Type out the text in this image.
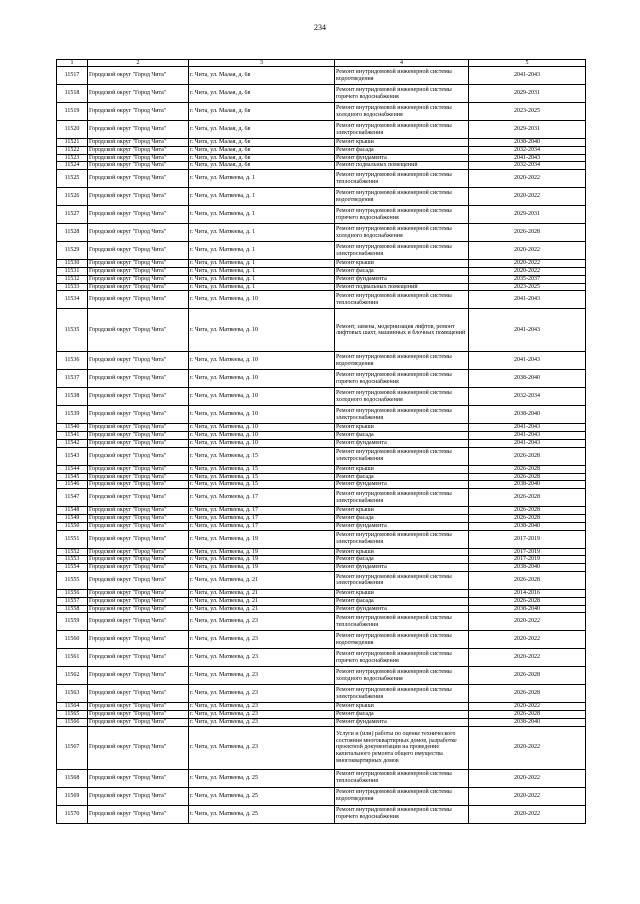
234
1	2	3	4	5
11517	Городской округ "Город Чита"	г. Чита, ул. Малая, д. 6в	Ремонт внутридомовой инженерной системы водоотведения	2041-2043
11518	Городской округ "Город Чита"	г. Чита, ул. Малая, д. 6в	Ремонт внутридомовой инженерной системы горячего водоснабжения	2029-2031
11519	Городской округ "Город Чита"	г. Чита, ул. Малая, д. 6в	Ремонт внутридомовой инженерной системы холодного водоснабжения	2023-2025
11520	Городской округ "Город Чита"	г. Чита, ул. Малая, д. 6в	Ремонт внутридомовой инженерной системы электроснабжения	2029-2031
11521	Городской округ "Город Чита"	г. Чита, ул. Малая, д. 6в	Ремонт крыши	2038-2040
11522	Городской округ "Город Чита"	г. Чита, ул. Малая, д. 6в	Ремонт фасада	2032-2034
11523	Городской округ "Город Чита"	г. Чита, ул. Малая, д. 6в	Ремонт фундамента	2041-2043
11524	Городской округ "Город Чита"	г. Чита, ул. Малая, д. 6в	Ремонт подвальных помещений	2032-2034
11525	Городской округ "Город Чита"	г. Чита, ул. Матвеева, д. 1	Ремонт внутридомовой инженерной системы теплоснабжения	2020-2022
11526	Городской округ "Город Чита"	г. Чита, ул. Матвеева, д. 1	Ремонт внутридомовой инженерной системы водоотведения	2020-2022
11527	Городской округ "Город Чита"	г. Чита, ул. Матвеева, д. 1	Ремонт внутридомовой инженерной системы горячего водоснабжения	2029-2031
11528	Городской округ "Город Чита"	г. Чита, ул. Матвеева, д. 1	Ремонт внутридомовой инженерной системы холодного водоснабжения	2026-2028
11529	Городской округ "Город Чита"	г. Чита, ул. Матвеева, д. 1	Ремонт внутридомовой инженерной системы электроснабжения	2020-2022
11530	Городской округ "Город Чита"	г. Чита, ул. Матвеева, д. 1	Ремонт крыши	2020-2022
11531	Городской округ "Город Чита"	г. Чита, ул. Матвеева, д. 1	Ремонт фасада	2020-2022
11532	Городской округ "Город Чита"	г. Чита, ул. Матвеева, д. 1	Ремонт фундамента	2035-2037
11533	Городской округ "Город Чита"	г. Чита, ул. Матвеева, д. 1	Ремонт подвальных помещений	2023-2025
11534	Городской округ "Город Чита"	г. Чита, ул. Матвеева, д. 10	Ремонт внутридомовой инженерной системы теплоснабжения	2041-2043
11535	Городской округ "Город Чита"	г. Чита, ул. Матвеева, д. 10	Ремонт, замена, модернизация лифтов, ремонт лифтовых шахт, машинных и блочных помещений	2041-2043
11536	Городской округ "Город Чита"	г. Чита, ул. Матвеева, д. 10	Ремонт внутридомовой инженерной системы водоотведения	2041-2043
11537	Городской округ "Город Чита"	г. Чита, ул. Матвеева, д. 10	Ремонт внутридомовой инженерной системы горячего водоснабжения	2038-2040
11538	Городской округ "Город Чита"	г. Чита, ул. Матвеева, д. 10	Ремонт внутридомовой инженерной системы холодного водоснабжения	2032-2034
11539	Городской округ "Город Чита"	г. Чита, ул. Матвеева, д. 10	Ремонт внутридомовой инженерной системы электроснабжения	2038-2040
11540	Городской округ "Город Чита"	г. Чита, ул. Матвеева, д. 10	Ремонт крыши	2041-2043
11541	Городской округ "Город Чита"	г. Чита, ул. Матвеева, д. 10	Ремонт фасада	2041-2043
11542	Городской округ "Город Чита"	г. Чита, ул. Матвеева, д. 10	Ремонт фундамента	2041-2043
11543	Городской округ "Город Чита"	г. Чита, ул. Матвеева, д. 15	Ремонт внутридомовой инженерной системы электроснабжения	2026-2028
11544	Городской округ "Город Чита"	г. Чита, ул. Матвеева, д. 15	Ремонт крыши	2026-2028
11545	Городской округ "Город Чита"	г. Чита, ул. Матвеева, д. 15	Ремонт фасада	2026-2028
11546	Городской округ "Город Чита"	г. Чита, ул. Матвеева, д. 15	Ремонт фундамента	2038-2040
11547	Городской округ "Город Чита"	г. Чита, ул. Матвеева, д. 17	Ремонт внутридомовой инженерной системы электроснабжения	2026-2028
11548	Городской округ "Город Чита"	г. Чита, ул. Матвеева, д. 17	Ремонт крыши	2026-2028
11549	Городской округ "Город Чита"	г. Чита, ул. Матвеева, д. 17	Ремонт фасада	2026-2028
11550	Городской округ "Город Чита"	г. Чита, ул. Матвеева, д. 17	Ремонт фундамента	2038-2040
11551	Городской округ "Город Чита"	г. Чита, ул. Матвеева, д. 19	Ремонт внутридомовой инженерной системы электроснабжения	2017-2019
11552	Городской округ "Город Чита"	г. Чита, ул. Матвеева, д. 19	Ремонт крыши	2017-2019
11553	Городской округ "Город Чита"	г. Чита, ул. Матвеева, д. 19	Ремонт фасада	2017-2019
11554	Городской округ "Город Чита"	г. Чита, ул. Матвеева, д. 19	Ремонт фундамента	2038-2040
11555	Городской округ "Город Чита"	г. Чита, ул. Матвеева, д. 21	Ремонт внутридомовой инженерной системы электроснабжения	2026-2028
11556	Городской округ "Город Чита"	г. Чита, ул. Матвеева, д. 21	Ремонт крыши	2014-2016
11557	Городской округ "Город Чита"	г. Чита, ул. Матвеева, д. 21	Ремонт фасада	2026-2028
11558	Городской округ "Город Чита"	г. Чита, ул. Матвеева, д. 21	Ремонт фундамента	2038-2040
11559	Городской округ "Город Чита"	г. Чита, ул. Матвеева, д. 23	Ремонт внутридомовой инженерной системы теплоснабжения	2020-2022
11560	Городской округ "Город Чита"	г. Чита, ул. Матвеева, д. 23	Ремонт внутридомовой инженерной системы водоотведения	2020-2022
11561	Городской округ "Город Чита"	г. Чита, ул. Матвеева, д. 23	Ремонт внутридомовой инженерной системы горячего водоснабжения	2020-2022
11562	Городской округ "Город Чита"	г. Чита, ул. Матвеева, д. 23	Ремонт внутридомовой инженерной системы холодного водоснабжения	2026-2028
11563	Городской округ "Город Чита"	г. Чита, ул. Матвеева, д. 23	Ремонт внутридомовой инженерной системы электроснабжения	2026-2028
11564	Городской округ "Город Чита"	г. Чита, ул. Матвеева, д. 23	Ремонт крыши	2020-2022
11565	Городской округ "Город Чита"	г. Чита, ул. Матвеева, д. 23	Ремонт фасада	2026-2028
11566	Городской округ "Город Чита"	г. Чита, ул. Матвеева, д. 23	Ремонт фундамента	2038-2040
11567	Городской округ "Город Чита"	г. Чита, ул. Матвеева, д. 23	Услуги и (или) работы по оценке технического состояния многоквартирных домов, разработке проектной документации на проведение капитального ремонта общего имущества многоквартирных домов	2020-2022
11568	Городской округ "Город Чита"	г. Чита, ул. Матвеева, д. 25	Ремонт внутридомовой инженерной системы теплоснабжения	2020-2022
11569	Городской округ "Город Чита"	г. Чита, ул. Матвеева, д. 25	Ремонт внутридомовой инженерной системы водоотведения	2020-2022
11570	Городской округ "Город Чита"	г. Чита, ул. Матвеева, д. 25	Ремонт внутридомовой инженерной системы горячего водоснабжения	2020-2022
